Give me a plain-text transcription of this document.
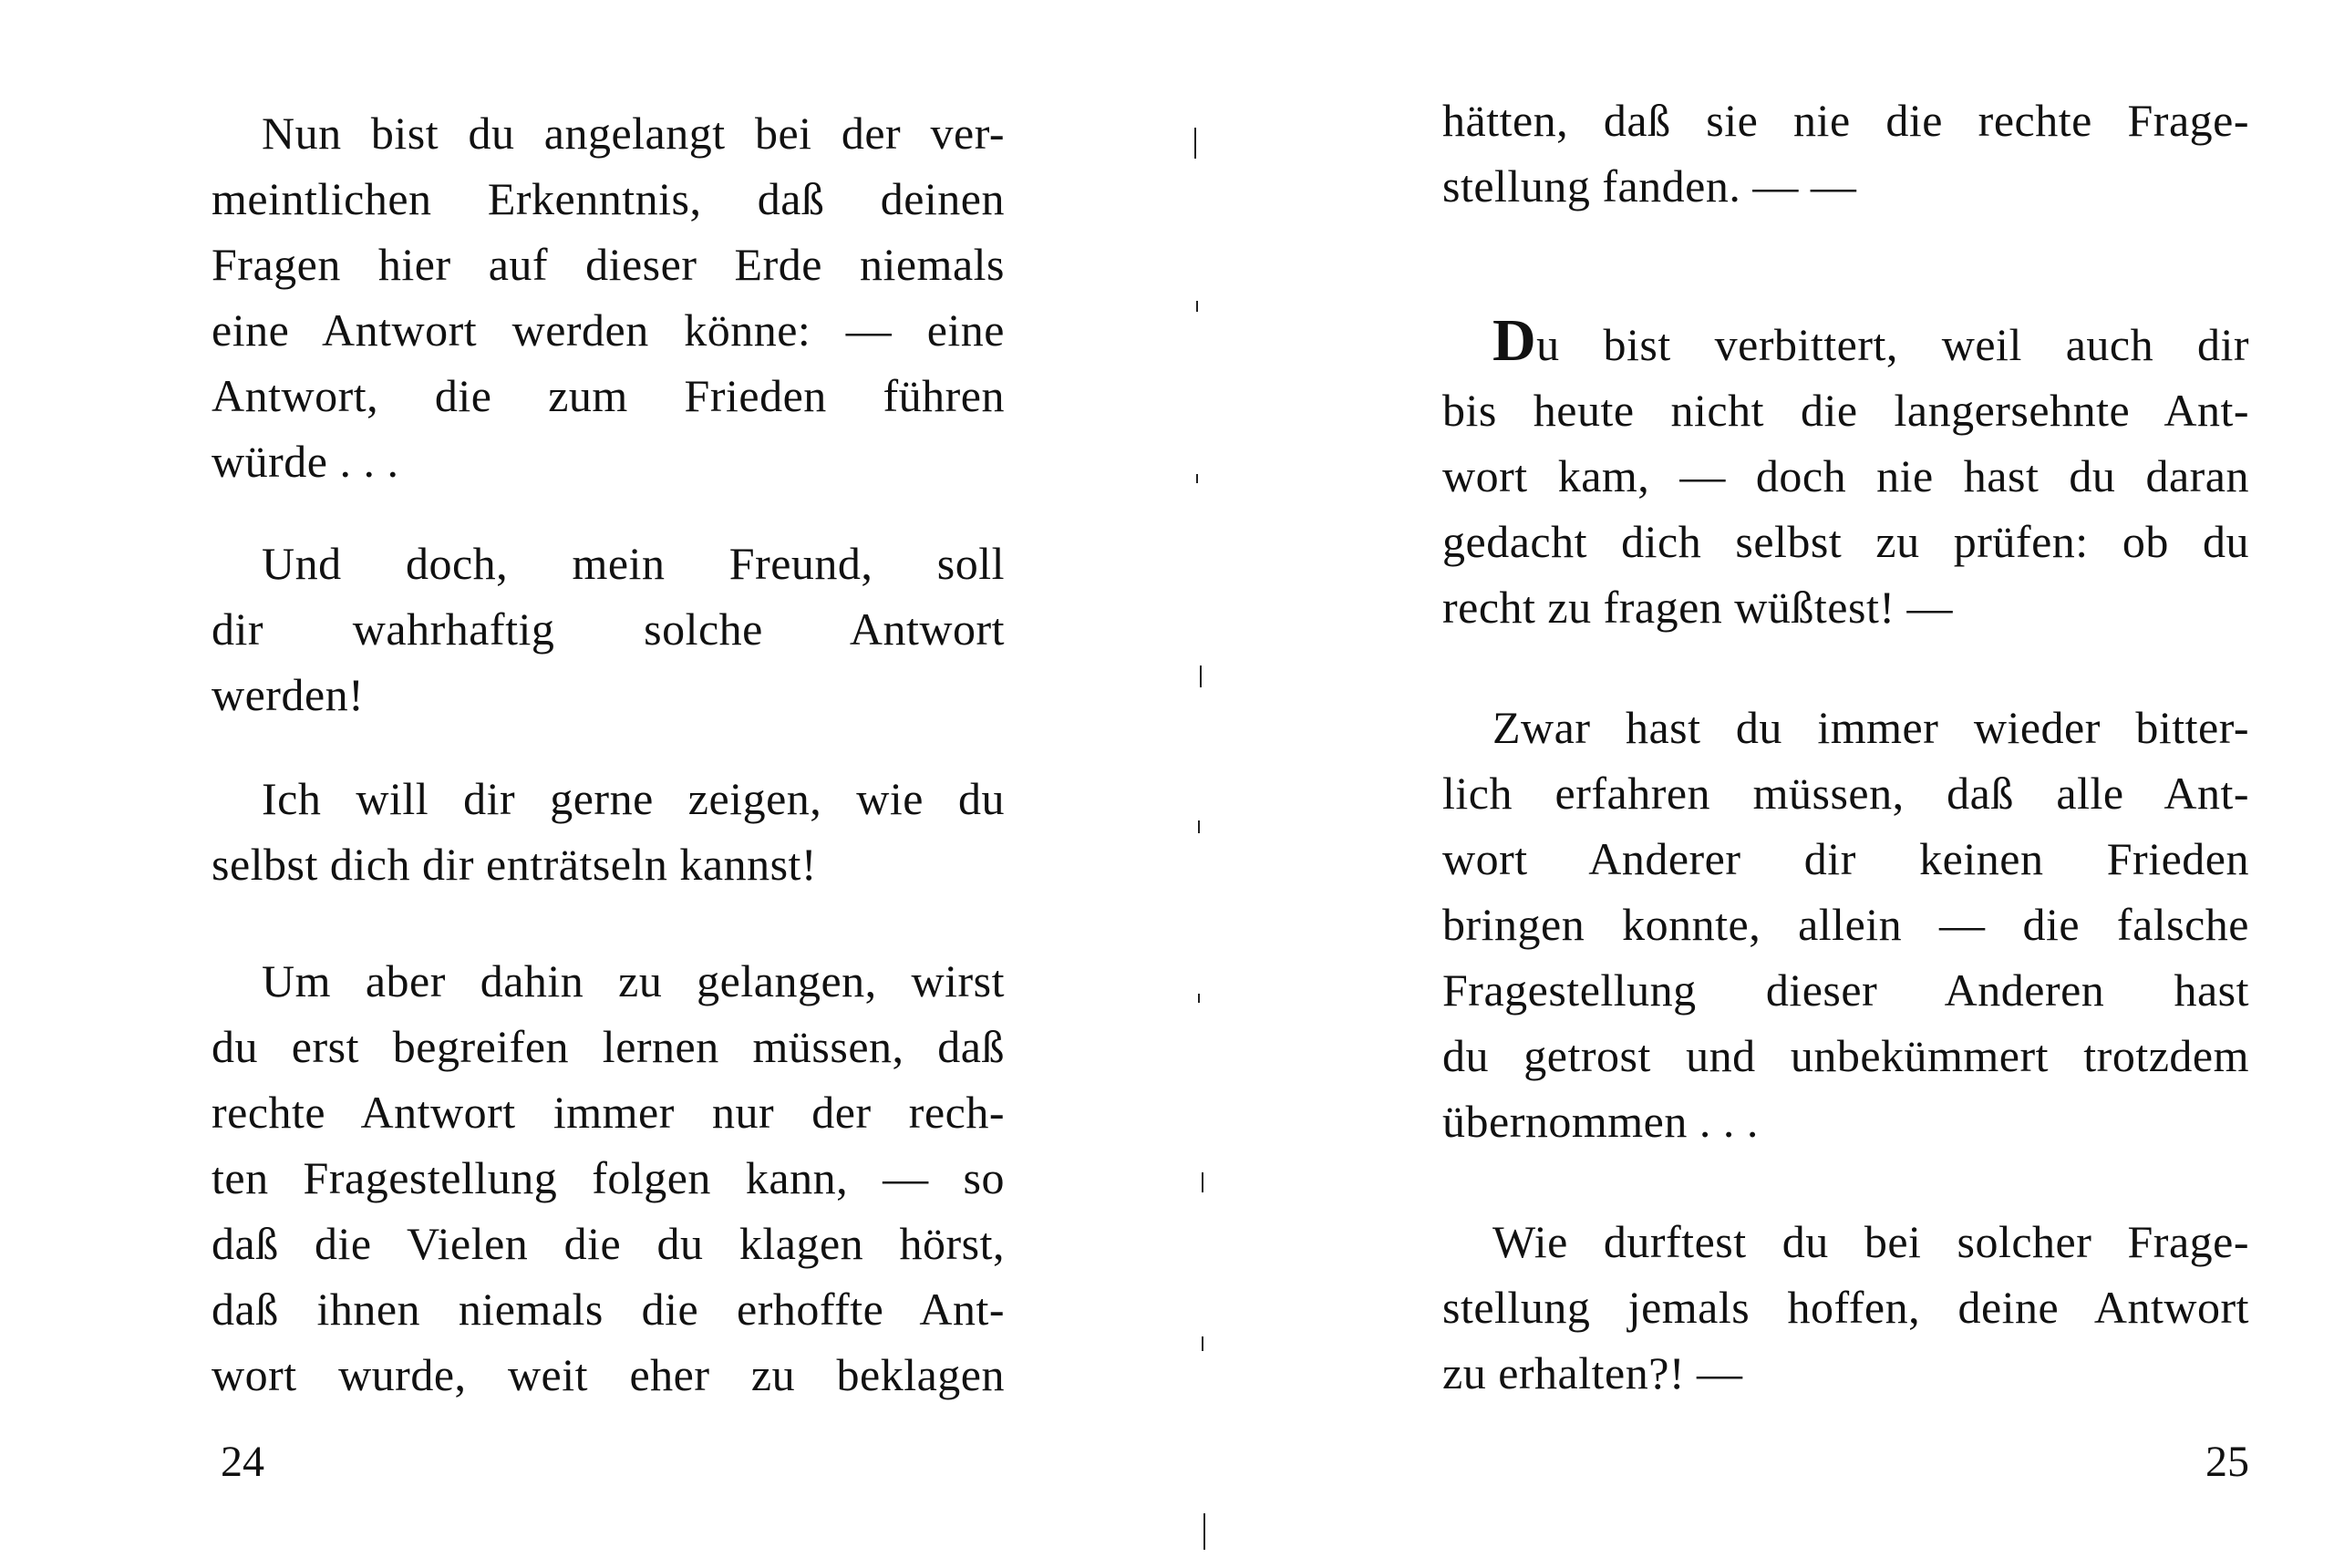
Nun bist du angelangt bei der ver-
meintlichen Erkenntnis, daß deinen
Fragen hier auf dieser Erde niemals
eine Antwort werden könne: — eine
Antwort, die zum Frieden führen
würde . . .
Und doch, mein Freund, soll
dir wahrhaftig solche Antwort
werden!
Ich will dir gerne zeigen, wie du
selbst dich dir enträtseln kannst!
Um aber dahin zu gelangen, wirst
du erst begreifen lernen müssen, daß
rechte Antwort immer nur der rech-
ten Fragestellung folgen kann, — so
daß die Vielen die du klagen hörst,
daß ihnen niemals die erhoffte Ant-
wort wurde, weit eher zu beklagen
24
hätten, daß sie nie die rechte Frage-
stellung fanden. — —
Du bist verbittert, weil auch dir
bis heute nicht die langersehnte Ant-
wort kam, — doch nie hast du daran
gedacht dich selbst zu prüfen: ob du
recht zu fragen wüßtest! —
Zwar hast du immer wieder bitter-
lich erfahren müssen, daß alle Ant-
wort Anderer dir keinen Frieden
bringen konnte, allein — die falsche
Fragestellung dieser Anderen hast
du getrost und unbekümmert trotzdem
übernommen . . .
Wie durftest du bei solcher Frage-
stellung jemals hoffen, deine Antwort
zu erhalten?! —
25
